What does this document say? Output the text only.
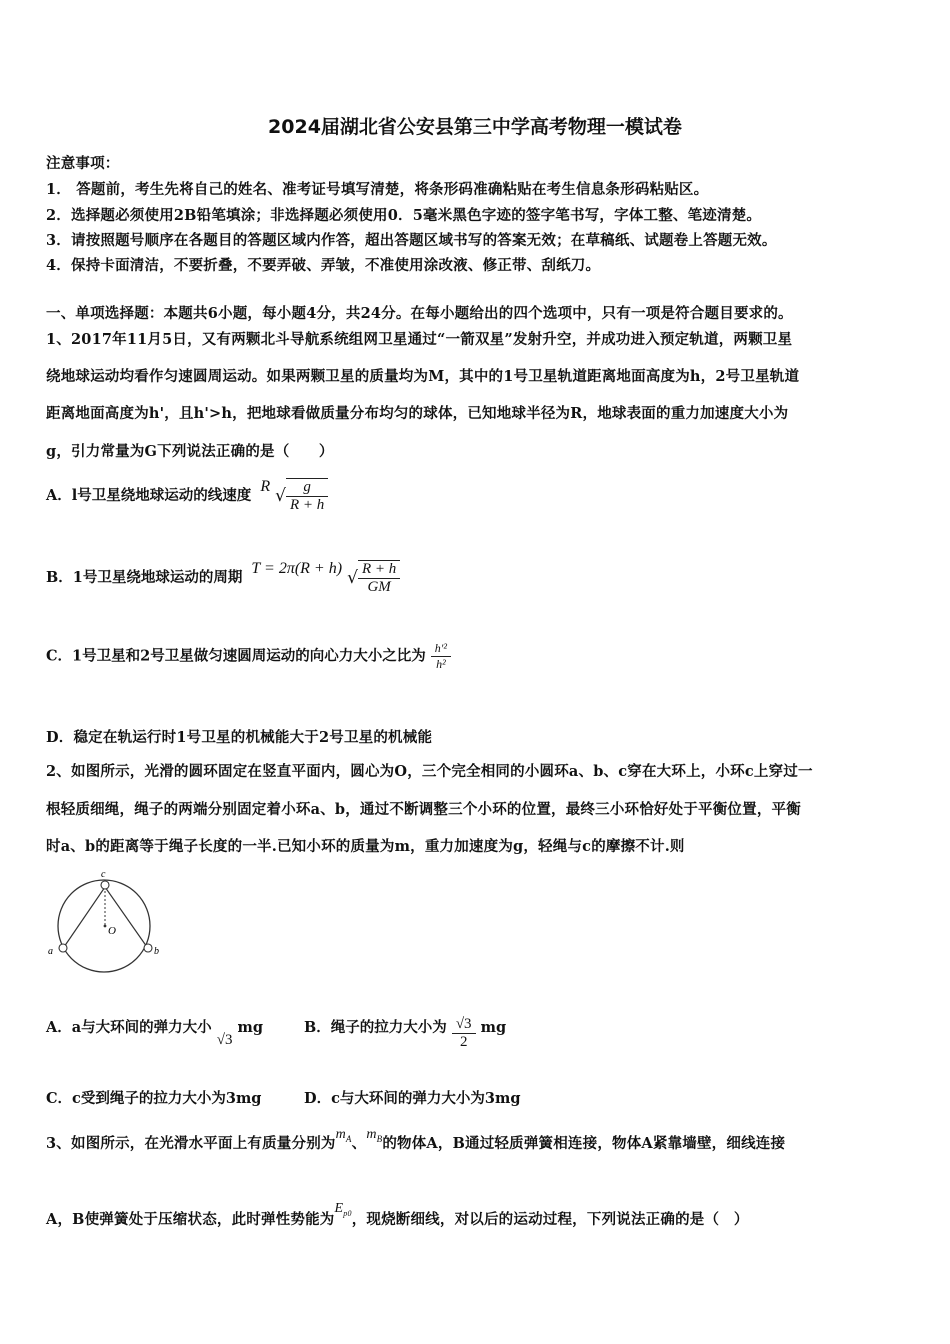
2024届湖北省公安县第三中学高考物理一模试卷
注意事项：
1． 答题前，考生先将自己的姓名、准考证号填写清楚，将条形码准确粘贴在考生信息条形码粘贴区。
2．选择题必须使用2B铅笔填涂；非选择题必须使用0．5毫米黑色字迹的签字笔书写，字体工整、笔迹清楚。
3．请按照题号顺序在各题目的答题区域内作答，超出答题区域书写的答案无效；在草稿纸、试题卷上答题无效。
4．保持卡面清洁，不要折叠，不要弄破、弄皱，不准使用涂改液、修正带、刮纸刀。
一、单项选择题：本题共6小题，每小题4分，共24分。在每小题给出的四个选项中，只有一项是符合题目要求的。
1、2017年11月5日，又有两颗北斗导航系统组网卫星通过“一箭双星”发射升空，并成功进入预定轨道，两颗卫星
绕地球运动均看作匀速圆周运动。如果两颗卫星的质量均为M，其中的1号卫星轨道距离地面高度为h，2号卫星轨道
距离地面高度为h'，且h'>h，把地球看做质量分布均匀的球体，已知地球半径为R，地球表面的重力加速度大小为
g，引力常量为G下列说法正确的是（　　）
A．l号卫星绕地球运动的线速度 R √ $\frac{g}{R + h}$
B．1号卫星绕地球运动的周期 T = 2π(R + h) √ $\frac{R + h}{GM}$
C．1号卫星和2号卫星做匀速圆周运动的向心力大小之比为 $\frac{\text{h'²}}{\text{h²}}$
D．稳定在轨运行时1号卫星的机械能大于2号卫星的机械能
2、如图所示，光滑的圆环固定在竖直平面内，圆心为O，三个完全相同的小圆环a、b、c穿在大环上，小环c上穿过一
根轻质细绳，绳子的两端分别固定着小环a、b，通过不断调整三个小环的位置，最终三小环恰好处于平衡位置，平衡
时a、b的距离等于绳子长度的一半.已知小环的质量为m，重力加速度为g，轻绳与c的摩擦不计.则
c
O
a	b
A．a与大环间的弹力大小 √3 mg	B．绳子的拉力大小为 $\frac{√3}{2}$ mg
C．c受到绳子的拉力大小为3mg	D．c与大环间的弹力大小为3mg
3、如图所示，在光滑水平面上有质量分别为$m_A$、$m_B$的物体A，B通过轻质弹簧相连接，物体A紧靠墙壁，细线连接
A，B使弹簧处于压缩状态，此时弹性势能为$E_{p0}$，现烧断细线，对以后的运动过程，下列说法正确的是（　）
